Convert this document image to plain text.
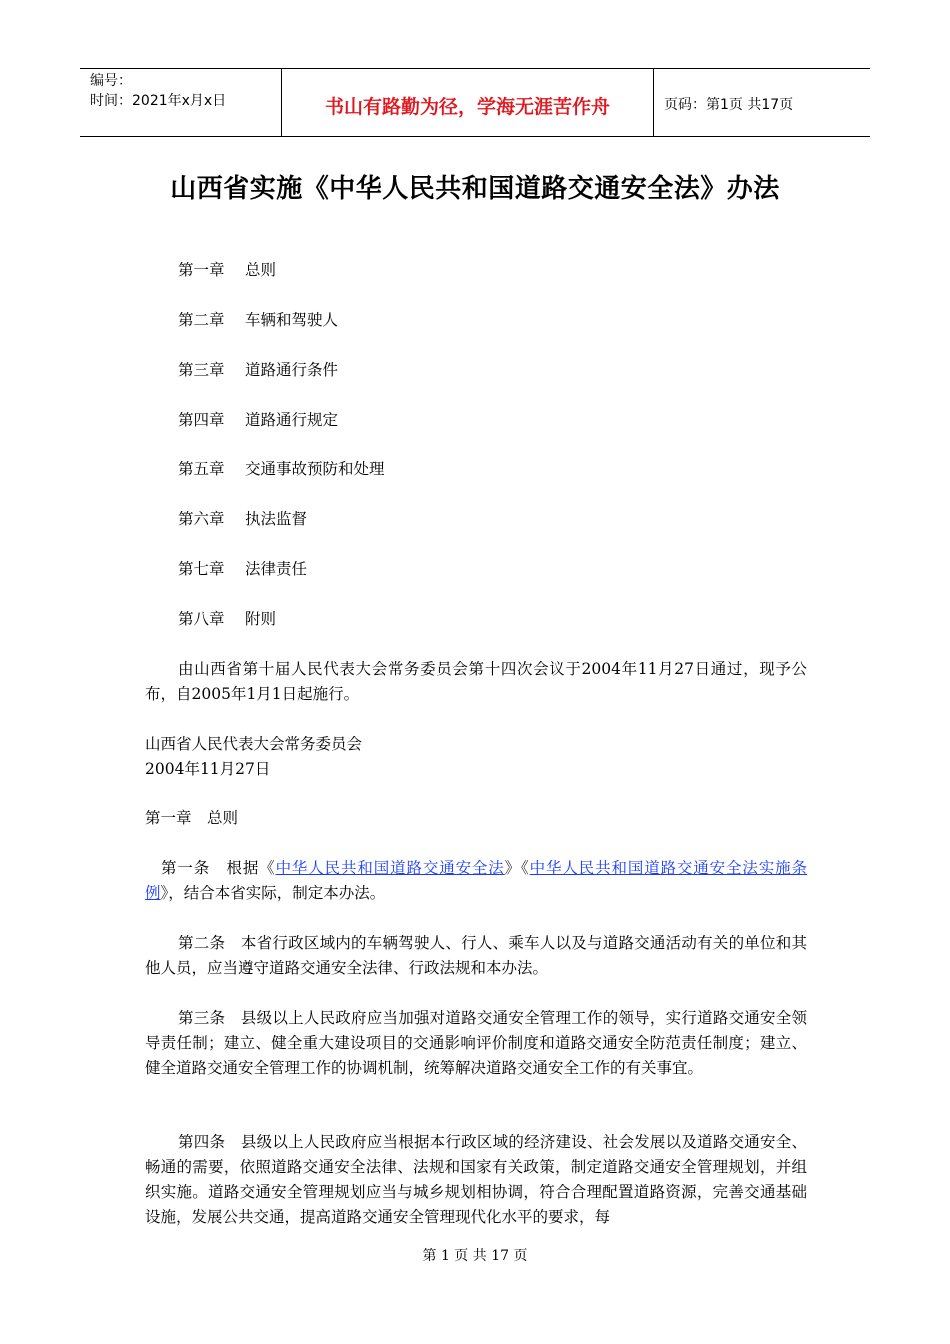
编号：
时间：2021年x月x日	书山有路勤为径，学海无涯苦作舟	页码：第1页 共17页
山西省实施《中华人民共和国道路交通安全法》办法
第一章 总则
第二章 车辆和驾驶人
第三章 道路通行条件
第四章 道路通行规定
第五章 交通事故预防和处理
第六章 执法监督
第七章 法律责任
第八章 附则
由山西省第十届人民代表大会常务委员会第十四次会议于2004年11月27日通过，现予公布，自2005年1月1日起施行。
山西省人民代表大会常务委员会
2004年11月27日
第一章　总则
第一条　根据《中华人民共和国道路交通安全法》《中华人民共和国道路交通安全法实施条例》，结合本省实际，制定本办法。
第二条　本省行政区域内的车辆驾驶人、行人、乘车人以及与道路交通活动有关的单位和其他人员，应当遵守道路交通安全法律、行政法规和本办法。
第三条　县级以上人民政府应当加强对道路交通安全管理工作的领导，实行道路交通安全领导责任制；建立、健全重大建设项目的交通影响评价制度和道路交通安全防范责任制度；建立、健全道路交通安全管理工作的协调机制，统筹解决道路交通安全工作的有关事宜。
第四条　县级以上人民政府应当根据本行政区域的经济建设、社会发展以及道路交通安全、畅通的需要，依照道路交通安全法律、法规和国家有关政策，制定道路交通安全管理规划，并组织实施。道路交通安全管理规划应当与城乡规划相协调，符合合理配置道路资源，完善交通基础设施，发展公共交通，提高道路交通安全管理现代化水平的要求，每
第 1 页 共 17 页
